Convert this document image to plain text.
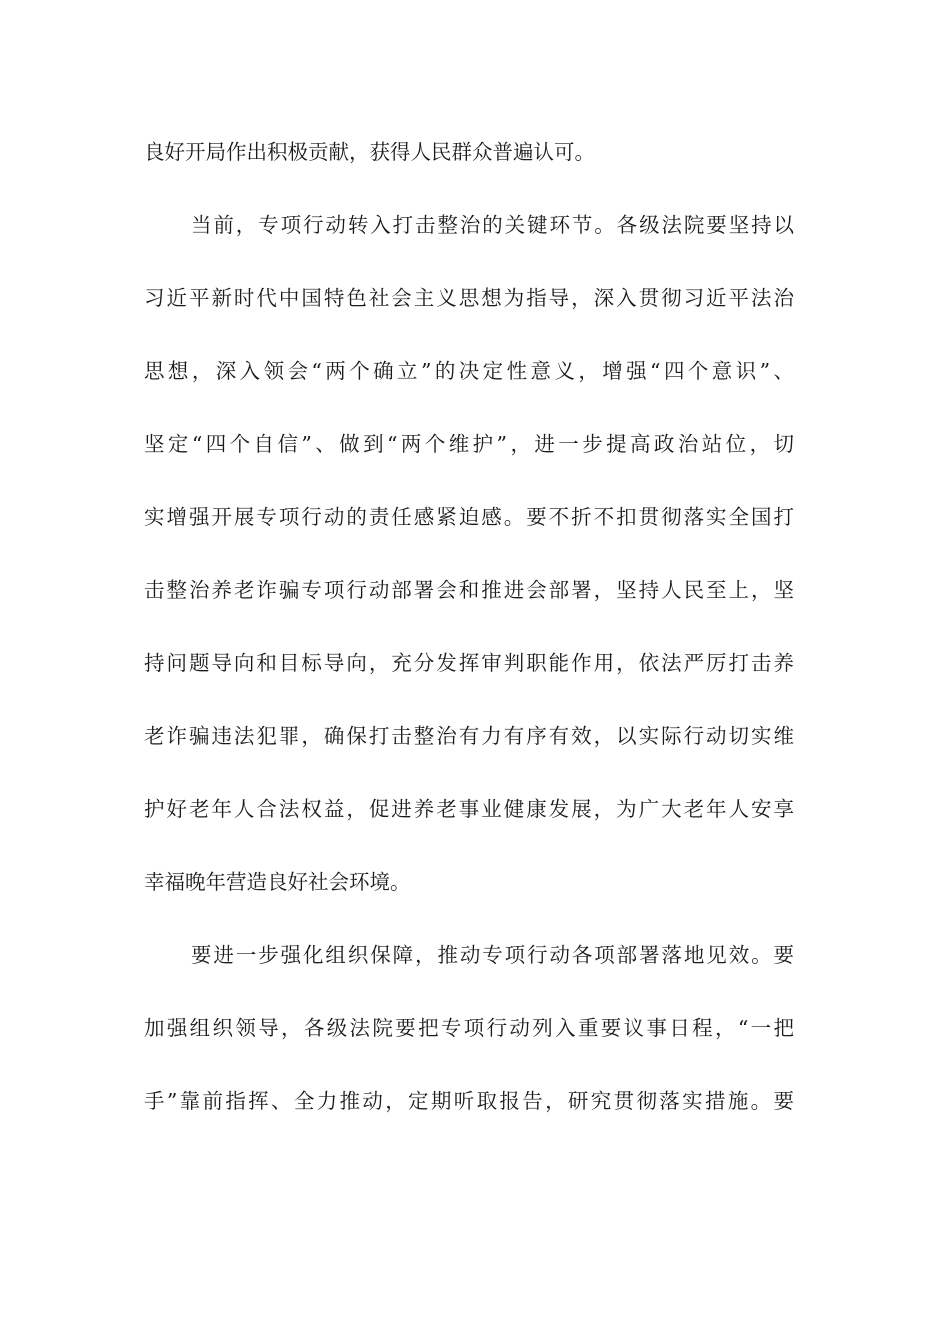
良好开局作出积极贡献，获得人民群众普遍认可。
当前，专项行动转入打击整治的关键环节。各级法院要坚持以
习近平新时代中国特色社会主义思想为指导，深入贯彻习近平法治
思想，深入领会“两个确立”的决定性意义，增强“四个意识”、
坚定“四个自信”、做到“两个维护”，进一步提高政治站位，切
实增强开展专项行动的责任感紧迫感。要不折不扣贯彻落实全国打
击整治养老诈骗专项行动部署会和推进会部署，坚持人民至上，坚
持问题导向和目标导向，充分发挥审判职能作用，依法严厉打击养
老诈骗违法犯罪，确保打击整治有力有序有效，以实际行动切实维
护好老年人合法权益，促进养老事业健康发展，为广大老年人安享
幸福晚年营造良好社会环境。
要进一步强化组织保障，推动专项行动各项部署落地见效。要
加强组织领导，各级法院要把专项行动列入重要议事日程，“一把
手”靠前指挥、全力推动，定期听取报告，研究贯彻落实措施。要
